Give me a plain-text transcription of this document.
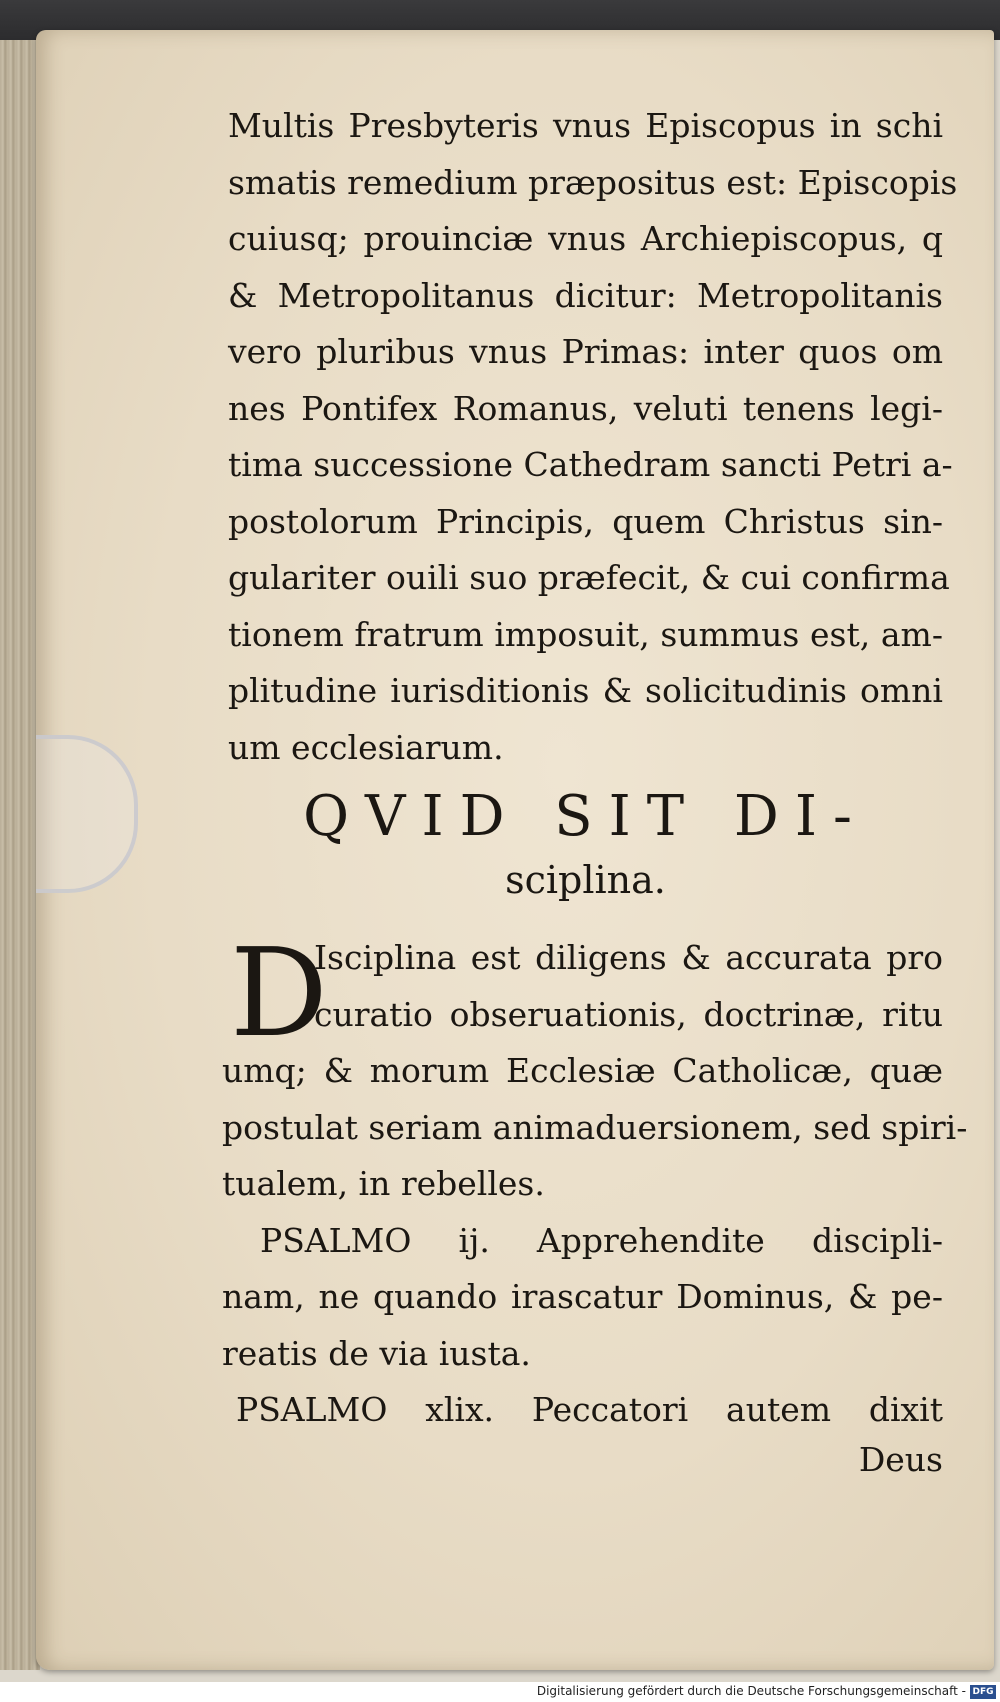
Multis Presbyteris vnus Episcopus in schi
smatis remedium præpositus est: Episcopis
cuiusq; prouinciæ vnus Archiepiscopus, q
& Metropolitanus dicitur: Metropolitanis
vero pluribus vnus Primas: inter quos om
nes Pontifex Romanus, veluti tenens legi-
tima successione Cathedram sancti Petri a-
postolorum Principis, quem Christus sin-
gulariter ouili suo præfecit, & cui confirma
tionem fratrum imposuit, summus est, am-
plitudine iurisditionis & solicitudinis omni
um ecclesiarum.
QVID SIT DI-
sciplina.
D
Isciplina est diligens & accurata pro
curatio obseruationis, doctrinæ, ritu
umq; & morum Ecclesiæ Catholicæ, quæ
postulat seriam animaduersionem, sed spiri-
tualem, in rebelles.
PSALMO ij. Apprehendite discipli-
nam, ne quando irascatur Dominus, & pe-
reatis de via iusta.
PSALMO xlix. Peccatori autem dixit
Deus
Digitalisierung gefördert durch die Deutsche Forschungsgemeinschaft - DFG
